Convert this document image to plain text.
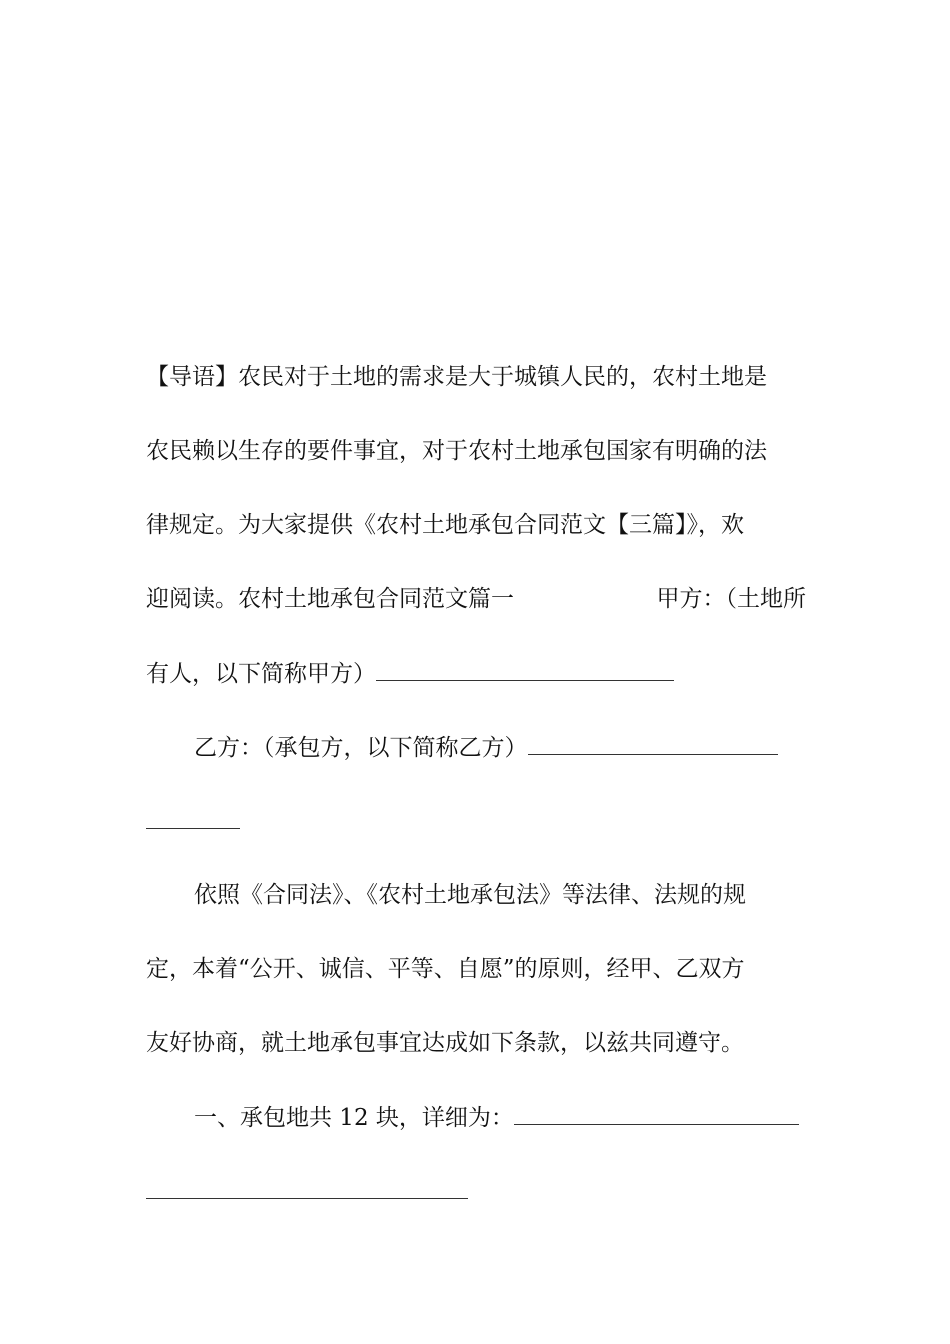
【导语】农民对于土地的需求是大于城镇人民的，农村土地是
农民赖以生存的要件事宜，对于农村土地承包国家有明确的法
律规定。为大家提供《农村土地承包合同范文【三篇】》，欢
迎阅读。农村土地承包合同范文篇一	甲方：（土地所
有人，以下简称甲方）
乙方：（承包方，以下简称乙方）
依照《合同法》、《农村土地承包法》等法律、法规的规
定，本着“公开、诚信、平等、自愿”的原则，经甲、乙双方
友好协商，就土地承包事宜达成如下条款，以兹共同遵守。
一、承包地共 12 块，详细为：
